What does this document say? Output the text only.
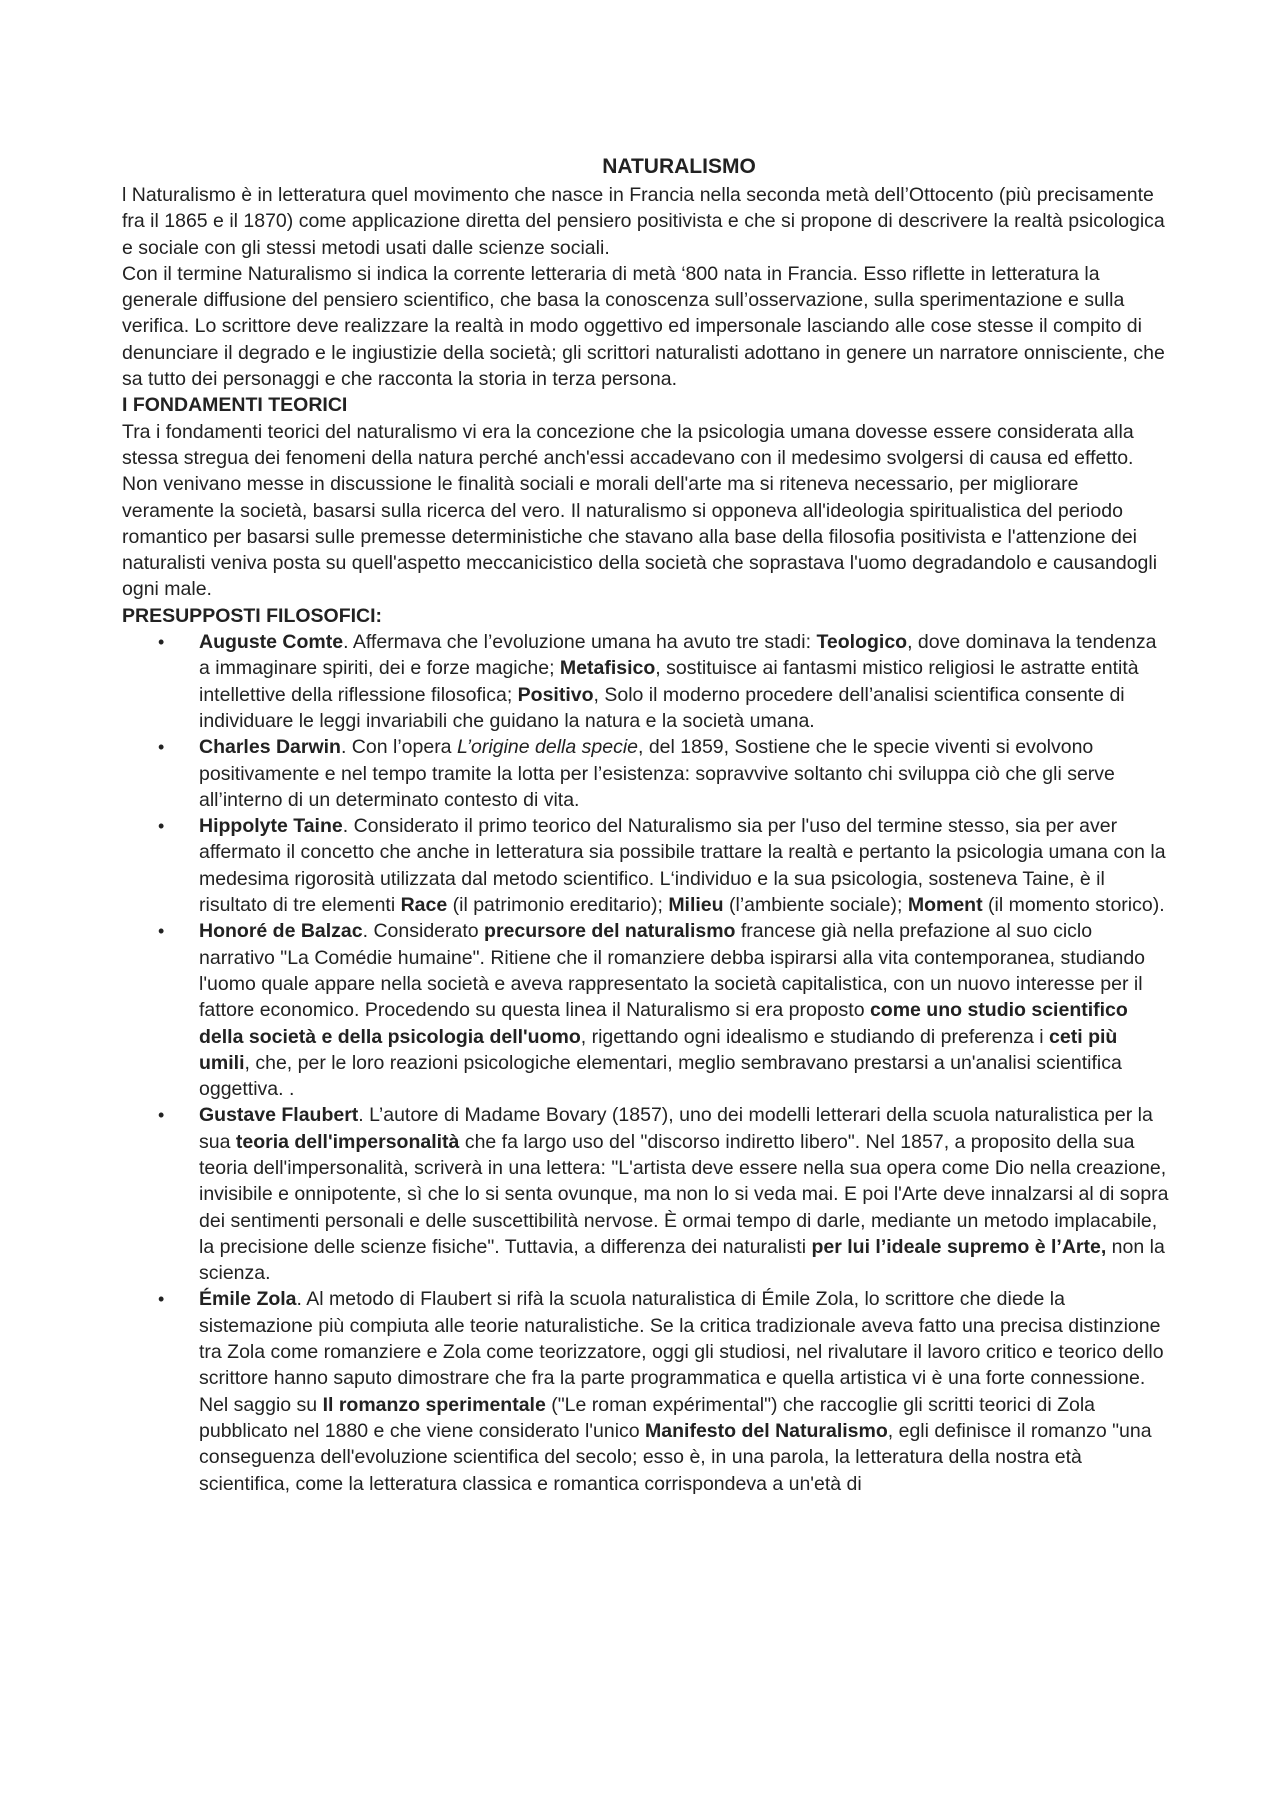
NATURALISMO

l Naturalismo è in letteratura quel movimento che nasce in Francia nella seconda metà dell’Ottocento (più precisamente fra il 1865 e il 1870) come applicazione diretta del pensiero positivista e che si propone di descrivere la realtà psicologica e sociale con gli stessi metodi usati dalle scienze sociali.

Con il termine Naturalismo si indica la corrente letteraria di metà ‘800 nata in Francia. Esso riflette in letteratura la generale diffusione del pensiero scientifico, che basa la conoscenza sull’osservazione, sulla sperimentazione e sulla verifica. Lo scrittore deve realizzare la realtà in modo oggettivo ed impersonale lasciando alle cose stesse il compito di denunciare il degrado e le ingiustizie della società; gli scrittori naturalisti adottano in genere un narratore onnisciente, che sa tutto dei personaggi e che racconta la storia in terza persona.

I FONDAMENTI TEORICI

Tra i fondamenti teorici del naturalismo vi era la concezione che la psicologia umana dovesse essere considerata alla stessa stregua dei fenomeni della natura perché anch'essi accadevano con il medesimo svolgersi di causa ed effetto. Non venivano messe in discussione le finalità sociali e morali dell'arte ma si riteneva necessario, per migliorare veramente la società, basarsi sulla ricerca del vero. Il naturalismo si opponeva all'ideologia spiritualistica del periodo romantico per basarsi sulle premesse deterministiche che stavano alla base della filosofia positivista e l'attenzione dei naturalisti veniva posta su quell'aspetto meccanicistico della società che soprastava l'uomo degradandolo e causandogli ogni male.

PRESUPPOSTI FILOSOFICI:

• Auguste Comte. Affermava che l’evoluzione umana ha avuto tre stadi: Teologico, dove dominava la tendenza a immaginare spiriti, dei e forze magiche; Metafisico, sostituisce ai fantasmi mistico religiosi le astratte entità intellettive della riflessione filosofica; Positivo, Solo il moderno procedere dell’analisi scientifica consente di individuare le leggi invariabili che guidano la natura e la società umana.
• Charles Darwin. Con l’opera L’origine della specie, del 1859, Sostiene che le specie viventi si evolvono positivamente e nel tempo tramite la lotta per l’esistenza: sopravvive soltanto chi sviluppa ciò che gli serve all’interno di un determinato contesto di vita.
• Hippolyte Taine. Considerato il primo teorico del Naturalismo sia per l'uso del termine stesso, sia per aver affermato il concetto che anche in letteratura sia possibile trattare la realtà e pertanto la psicologia umana con la medesima rigorosità utilizzata dal metodo scientifico. L‘individuo e la sua psicologia, sosteneva Taine, è il risultato di tre elementi Race (il patrimonio ereditario); Milieu (l’ambiente sociale); Moment (il momento storico).
• Honoré de Balzac. Considerato precursore del naturalismo francese già nella prefazione al suo ciclo narrativo "La Comédie humaine". Ritiene che il romanziere debba ispirarsi alla vita contemporanea, studiando l'uomo quale appare nella società e aveva rappresentato la società capitalistica, con un nuovo interesse per il fattore economico. Procedendo su questa linea il Naturalismo si era proposto come uno studio scientifico della società e della psicologia dell'uomo, rigettando ogni idealismo e studiando di preferenza i ceti più umili, che, per le loro reazioni psicologiche elementari, meglio sembravano prestarsi a un'analisi scientifica oggettiva. .
• Gustave Flaubert. L’autore di Madame Bovary (1857), uno dei modelli letterari della scuola naturalistica per la sua teoria dell'impersonalità che fa largo uso del "discorso indiretto libero". Nel 1857, a proposito della sua teoria dell'impersonalità, scriverà in una lettera: "L'artista deve essere nella sua opera come Dio nella creazione, invisibile e onnipotente, sì che lo si senta ovunque, ma non lo si veda mai. E poi l'Arte deve innalzarsi al di sopra dei sentimenti personali e delle suscettibilità nervose. È ormai tempo di darle, mediante un metodo implacabile, la precisione delle scienze fisiche". Tuttavia, a differenza dei naturalisti per lui l’ideale supremo è l’Arte, non la scienza.
• Émile Zola. Al metodo di Flaubert si rifà la scuola naturalistica di Émile Zola, lo scrittore che diede la sistemazione più compiuta alle teorie naturalistiche. Se la critica tradizionale aveva fatto una precisa distinzione tra Zola come romanziere e Zola come teorizzatore, oggi gli studiosi, nel rivalutare il lavoro critico e teorico dello scrittore hanno saputo dimostrare che fra la parte programmatica e quella artistica vi è una forte connessione. Nel saggio su Il romanzo sperimentale ("Le roman expérimental") che raccoglie gli scritti teorici di Zola pubblicato nel 1880 e che viene considerato l'unico Manifesto del Naturalismo, egli definisce il romanzo "una conseguenza dell'evoluzione scientifica del secolo; esso è, in una parola, la letteratura della nostra età scientifica, come la letteratura classica e romantica corrispondeva a un'età di
